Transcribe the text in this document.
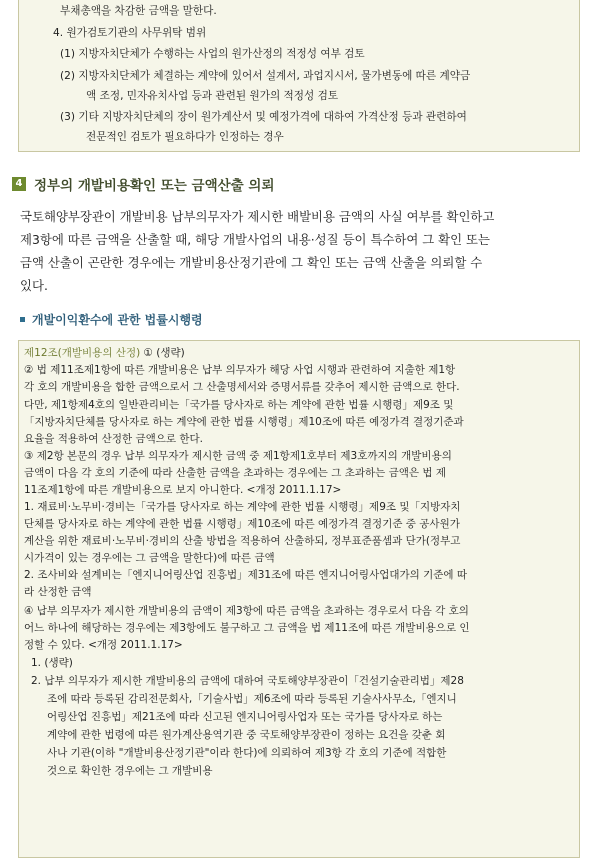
부채총액을 차감한 금액을 말한다.
4. 원가검토기관의 사무위탁 범위
(1) 지방자치단체가 수행하는 사업의 원가산정의 적정성 여부 검토
(2) 지방자치단체가 체결하는 계약에 있어서 설계서, 과업지시서, 물가변동에 따른 계약금
액 조정, 민자유치사업 등과 관련된 원가의 적정성 검토
(3) 기타 지방자치단체의 장이 원가계산서 및 예정가격에 대하여 가격산정 등과 관련하여
전문적인 검토가 필요하다가 인정하는 경우
4 정부의 개발비용확인 또는 금액산출 의뢰
국토해양부장관이 개발비용 납부의무자가 제시한 배발비용 금액의 사실 여부를 확인하고
제3항에 따른 금액을 산출할 때, 해당 개발사업의 내용·성질 등이 특수하여 그 확인 또는
금액 산출이 곤란한 경우에는 개발비용산정기관에 그 확인 또는 금액 산출을 의뢰할 수
있다.
개발이익환수에 관한 법률시행령
제12조(개발비용의 산정) ① (생략)
② 법 제11조제1항에 따른 개발비용은 납부 의무자가 해당 사업 시행과 관련하여 지출한 제1항
각 호의 개발비용을 합한 금액으로서 그 산출명세서와 증명서류를 갖추어 제시한 금액으로 한다.
다만, 제1항제4호의 일반관리비는「국가를 당사자로 하는 계약에 관한 법률 시행령」제9조 및
「지방자치단체를 당사자로 하는 계약에 관한 법률 시행령」제10조에 따른 예정가격 결정기준과
요율을 적용하여 산정한 금액으로 한다.
③ 제2항 본문의 경우 납부 의무자가 제시한 금액 중 제1항제1호부터 제3호까지의 개발비용의
금액이 다음 각 호의 기준에 따라 산출한 금액을 초과하는 경우에는 그 초과하는 금액은 법 제
11조제1항에 따른 개발비용으로 보지 아니한다. <개정 2011.1.17>
1. 재료비·노무비·경비는「국가를 당사자로 하는 계약에 관한 법률 시행령」제9조 및「지방자치
단체를 당사자로 하는 계약에 관한 법률 시행령」제10조에 따른 예정가격 결정기준 중 공사원가
계산을 위한 재료비·노무비·경비의 산출 방법을 적용하여 산출하되, 정부표준품셈과 단가(정부고
시가격이 있는 경우에는 그 금액을 말한다)에 따른 금액
2. 조사비와 설계비는「엔지니어링산업 진흥법」제31조에 따른 엔지니어링사업대가의 기준에 따
라 산정한 금액
④ 납부 의무자가 제시한 개발비용의 금액이 제3항에 따른 금액을 초과하는 경우로서 다음 각 호의
어느 하나에 해당하는 경우에는 제3항에도 불구하고 그 금액을 법 제11조에 따른 개발비용으로 인
정할 수 있다. <개정 2011.1.17>
1. (생략)
2. 납부 의무자가 제시한 개발비용의 금액에 대하여 국토해양부장관이「건설기술관리법」제28
조에 따라 등록된 감리전문회사,「기술사법」제6조에 따라 등록된 기술사사무소,「엔지니
어링산업 진흥법」제21조에 따라 신고된 엔지니어링사업자 또는 국가를 당사자로 하는
계약에 관한 법령에 따른 원가계산용역기관 중 국토해양부장관이 정하는 요건을 갖춘 회
사나 기관(이하 "개발비용산정기관"이라 한다)에 의뢰하여 제3항 각 호의 기준에 적합한
것으로 확인한 경우에는 그 개발비용
